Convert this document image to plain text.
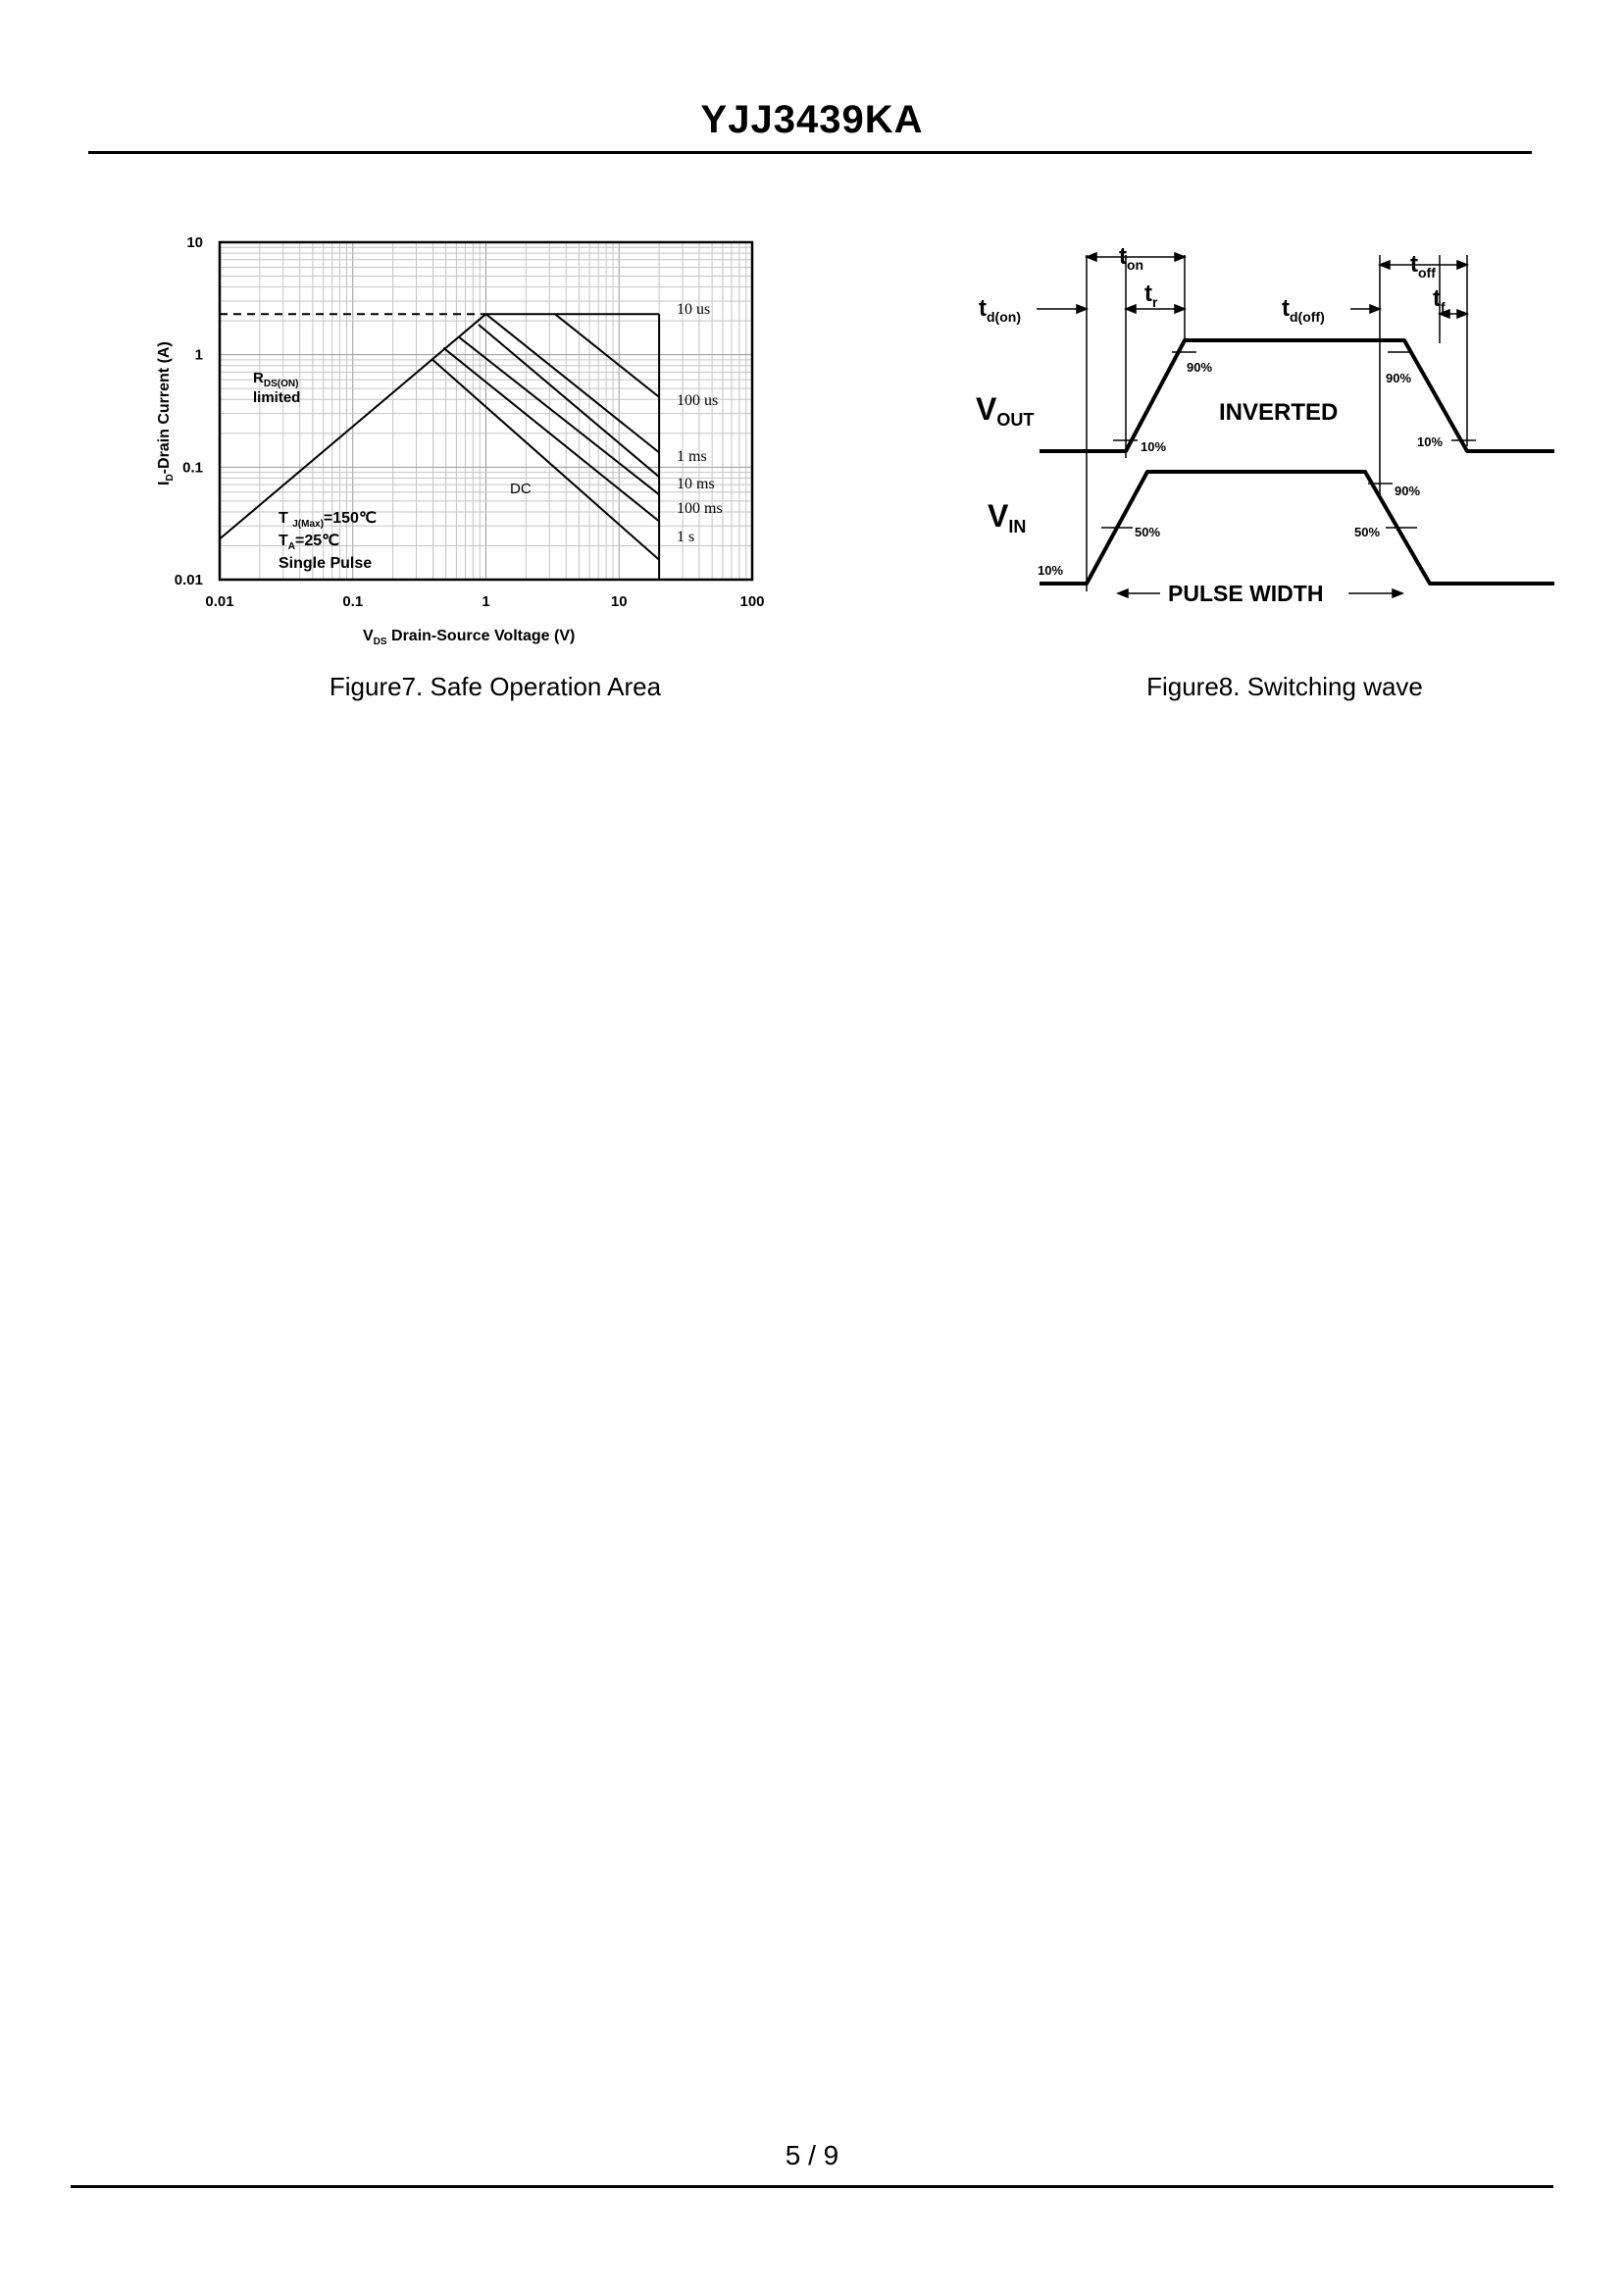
YJJ3439KA
0.01	0.1	1	10	100
0.01
0.1
1
10
10 us
100 us
1 ms
10 ms
100 ms
1 s
$R_{DS(ON)}$
limited
DC
T $_{J(Max)}$=150℃
$T_A=25℃$
Single Pulse
$V_{DS}$ Drain-Source Voltage (V)
$I_D$-Drain Current (A)
Figure7. Safe Operation Area
$t_{on}$
$t_r$
$t_{d(on)}$	$t_{d(off)}$
$t_{off}$
$t_f$
VOUT
VIN
INVERTED
PULSE WIDTH
90%
90%
10%	10%
50%	50%
90%
10%
Figure8. Switching wave
5 / 9
